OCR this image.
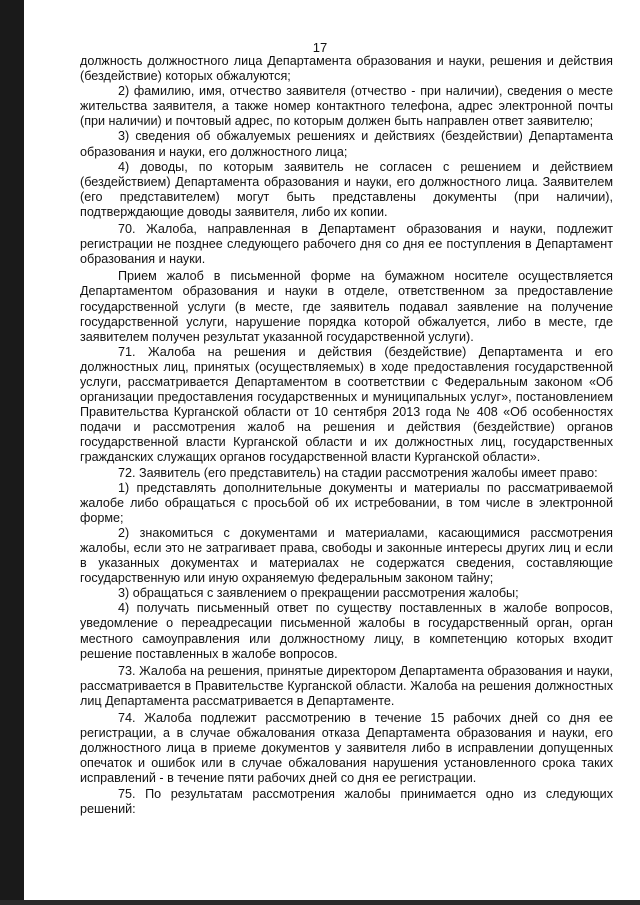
17

должность должностного лица Департамента образования и науки, решения и действия (бездействие) которых обжалуются;

2) фамилию, имя, отчество заявителя (отчество - при наличии), сведения о месте жительства заявителя, а также номер контактного телефона, адрес электронной почты (при наличии) и почтовый адрес, по которым должен быть направлен ответ заявителю;

3) сведения об обжалуемых решениях и действиях (бездействии) Департамента образования и науки, его должностного лица;

4) доводы, по которым заявитель не согласен с решением и действием (бездействием) Департамента образования и науки, его должностного лица. Заявителем (его представителем) могут быть представлены документы (при наличии), подтверждающие доводы заявителя, либо их копии.

70. Жалоба, направленная в Департамент образования и науки, подлежит регистрации не позднее следующего рабочего дня со дня ее поступления в Департамент образования и науки.

Прием жалоб в письменной форме на бумажном носителе осуществляется Департаментом образования и науки в отделе, ответственном за предоставление государственной услуги (в месте, где заявитель подавал заявление на получение государственной услуги, нарушение порядка которой обжалуется, либо в месте, где заявителем получен результат указанной государственной услуги).

71. Жалоба на решения и действия (бездействие) Департамента и его должностных лиц, принятых (осуществляемых) в ходе предоставления государственной услуги, рассматривается Департаментом в соответствии с Федеральным законом «Об организации предоставления государственных и муниципальных услуг», постановлением Правительства Курганской области от 10 сентября 2013 года № 408 «Об особенностях подачи и рассмотрения жалоб на решения и действия (бездействие) органов государственной власти Курганской области и их должностных лиц, государственных гражданских служащих органов государственной власти Курганской области».

72. Заявитель (его представитель) на стадии рассмотрения жалобы имеет право:

1) представлять дополнительные документы и материалы по рассматриваемой жалобе либо обращаться с просьбой об их истребовании, в том числе в электронной форме;

2) знакомиться с документами и материалами, касающимися рассмотрения жалобы, если это не затрагивает права, свободы и законные интересы других лиц и если в указанных документах и материалах не содержатся сведения, составляющие государственную или иную охраняемую федеральным законом тайну;

3) обращаться с заявлением о прекращении рассмотрения жалобы;

4) получать письменный ответ по существу поставленных в жалобе вопросов, уведомление о переадресации письменной жалобы в государственный орган, орган местного самоуправления или должностному лицу, в компетенцию которых входит решение поставленных в жалобе вопросов.

73. Жалоба на решения, принятые директором Департамента образования и науки, рассматривается в Правительстве Курганской области. Жалоба на решения должностных лиц Департамента рассматривается в Департаменте.

74. Жалоба подлежит рассмотрению в течение 15 рабочих дней со дня ее регистрации, а в случае обжалования отказа Департамента образования и науки, его должностного лица в приеме документов у заявителя либо в исправлении допущенных опечаток и ошибок или в случае обжалования нарушения установленного срока таких исправлений - в течение пяти рабочих дней со дня ее регистрации.

75. По результатам рассмотрения жалобы принимается одно из следующих решений:
